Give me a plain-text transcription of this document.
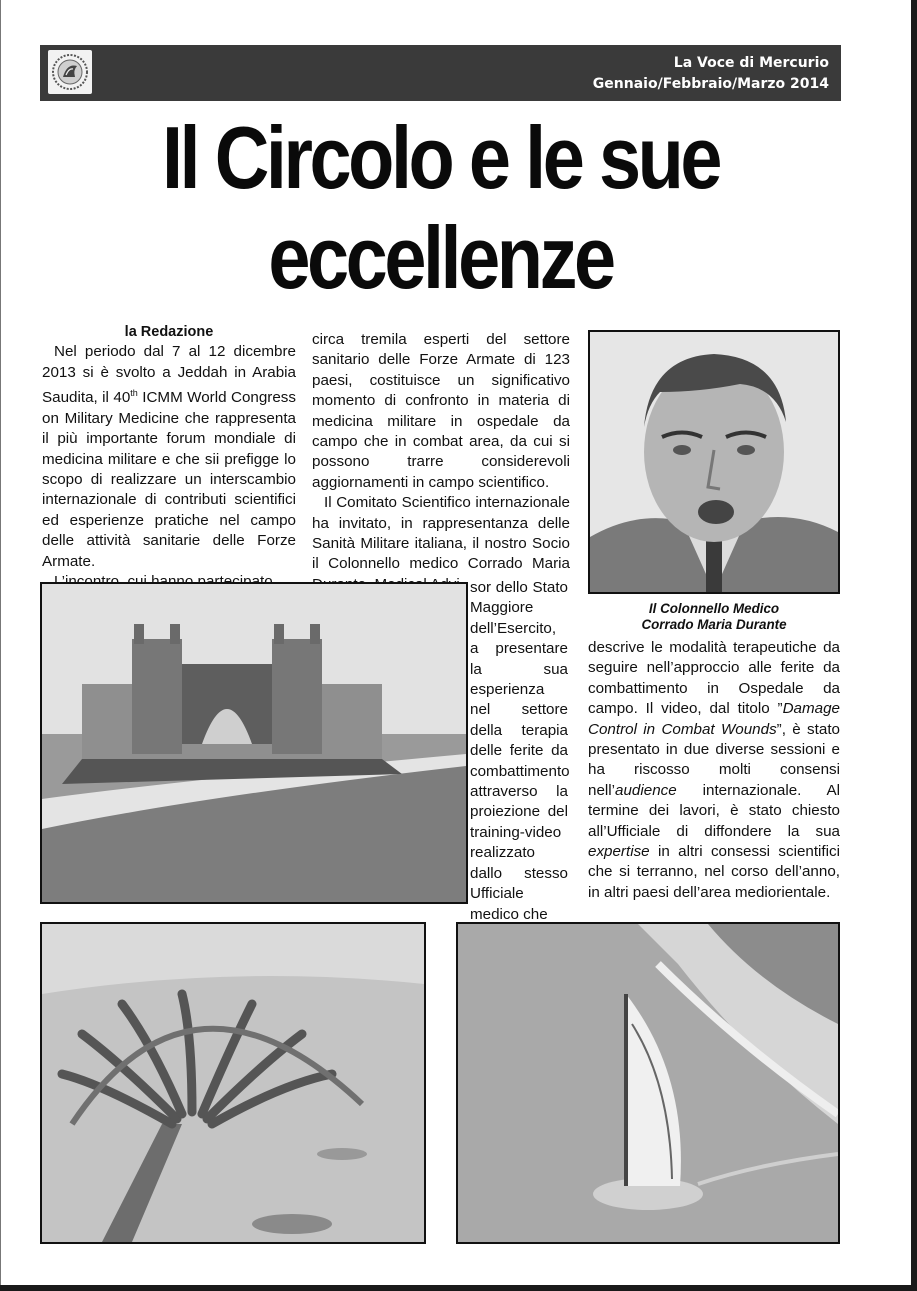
La Voce di Mercurio
Gennaio/Febbraio/Marzo 2014
Il Circolo e le sue
eccellenze

la Redazione

Nel periodo dal 7 al 12 dicembre 2013 si è svolto a Jeddah in Arabia Saudita, il 40th ICMM World Congress on Military Medicine che rappresenta il più importante forum mondiale di medicina militare e che sii prefigge lo scopo di realizzare un interscambio internazionale di contributi scientifici ed esperienze pratiche nel campo delle attività sanitarie delle Forze Armate.

circa tremila esperti del settore sanitario delle Forze Armate di 123 paesi, costituisce un significativo momento di confronto in materia di medicina militare in ospedale da campo che in combat area, da cui si possono trarre considerevoli aggiornamenti in campo scientifico.

Il Comitato Scientifico internazionale ha invitato, in rappresentanza delle Sanità Militare italiana, il nostro Socio il Colonnello medico Corrado Maria

sor dello Stato Maggiore dell’Esercito, a presentare la sua esperienza nel settore della terapia delle ferite da combattimento attraverso la proiezione del training-video realizzato dallo stesso Ufficiale medico che

Il Colonnello Medico
Corrado Maria Durante

descrive le modalità terapeutiche da seguire nell’approccio alle ferite da combattimento in Ospedale da campo. Il video, dal titolo ”Damage Control in Combat Wounds”, è stato presentato in due diverse sessioni e ha riscosso molti consensi nell’audience internazionale. Al termine dei lavori, è stato chiesto all’Ufficiale di diffondere la sua expertise in altri consessi scientifici che si terranno, nel corso dell’anno, in altri paesi dell’area mediorientale.
